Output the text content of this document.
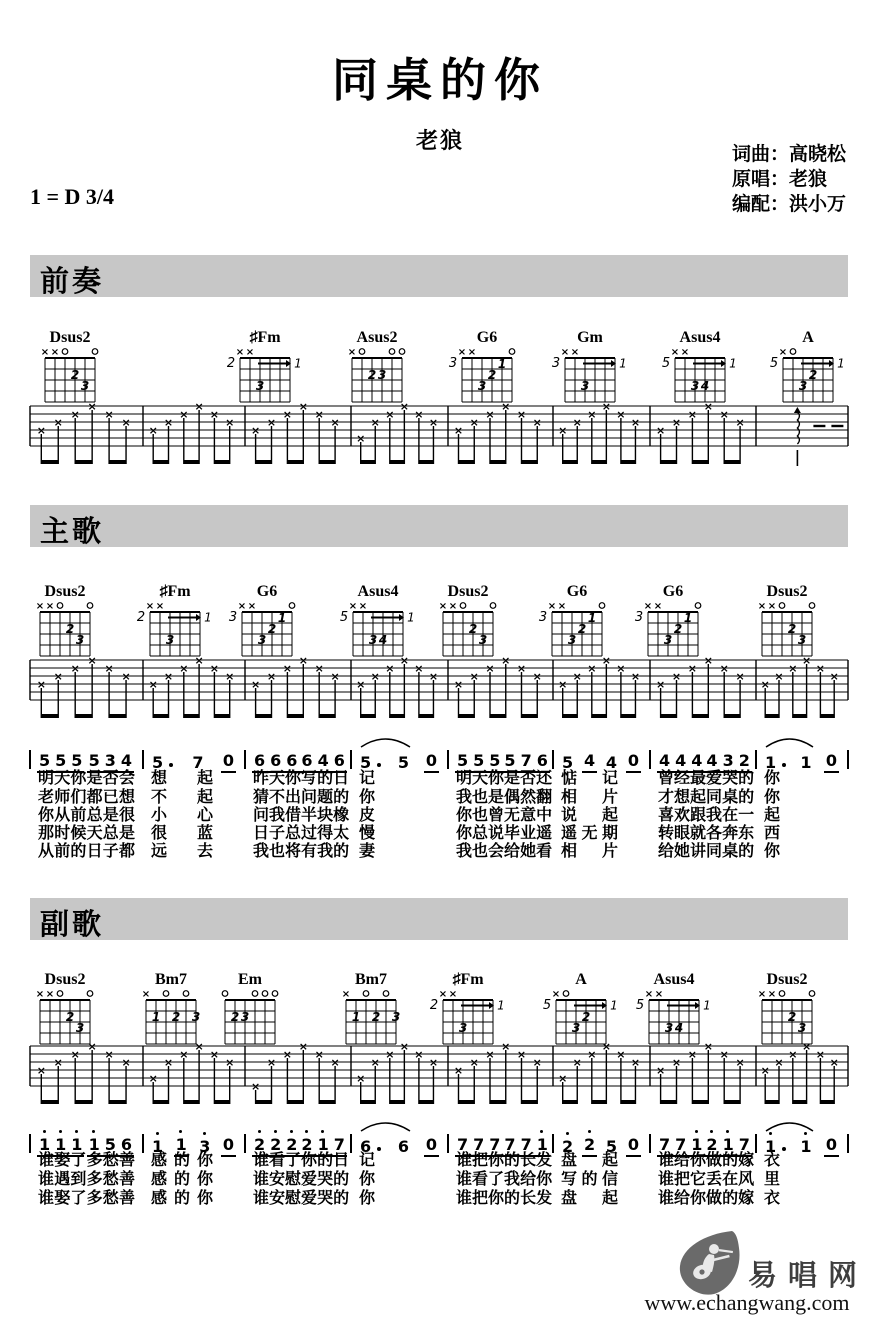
同桌的你
老狼
词曲：高晓松
原唱：老狼
编配：洪小万
1 = D 3/4
前奏
Dsus2
× ×
2
3
♯Fm
× ×
2	1
3
Asus2
×
2 3
G6
× ×
3	1
2
3
Gm
× ×
3	1
3
Asus4
× ×
5	1
3 4
A
×
5	1
2
3
×
×
×
×
×
×
×
×
×
×
×
×
×
×
×
×
×
×
×
×
×
×
×
×
×
×
×
×
×
×
×
×
×
×
×
×
×
×
×
×
×
×
主歌
Dsus2
× ×
2
3
♯Fm
× ×
2	1
3
G6
× ×
3	1
2
3
Asus4
× ×
5	1
3 4
Dsus2
× ×
2
3
G6
× ×
3	1
2
3
G6
× ×
3	1
2
3
Dsus2
× ×
2
3
×
×
×
×
×
×
×
×
×
×
×
×
×
×
×
×
×
×
×
×
×
×
×
×
×
×
×
×
×
×
×
×
×
×
×
×
×
×
×
×
×
×
×
×
×
×
×
×
5 5 5 5 3 4 5 7 0 6 6 6 6 4 6 5 5 0 5 5 5 5 7 6 5 4 4 0 4 4 4 4 3 2 1 1 0
明 天 你 是 否 会 想 起	昨 天 你 写 的 日 记	明 天 你 是 否 还 惦 记	曾 经 最 爱 哭 的 你
老 师 们 都 已 想 不 起	猜 不 出 问 题 的 你	我 也 是 偶 然 翻 相 片	才 想 起 同 桌 的 你
你 从 前 总 是 很 小 心	问 我 借 半 块 橡 皮	你 也 曾 无 意 中 说 起	喜 欢 跟 我 在 一 起
那 时 候 天 总 是 很 蓝	日 子 总 过 得 太 慢	你 总 说 毕 业 遥 遥 无 期	转 眼 就 各 奔 东 西
从 前 的 日 子 都 远 去	我 也 将 有 我 的 妻	我 也 会 给 她 看 相 片	给 她 讲 同 桌 的 你
副歌
Dsus2
× ×
2
3
Bm7
×
1 2 3
Em
2 3
Bm7
×
1 2 3
♯Fm
× ×
2	1
3
A
×
5	1
2
3
Asus4
× ×
5	1
3 4
Dsus2
× ×
2
3
×
×
×
×
×
×
×
×
×
×
×
×
×
×
×
×
×
×
×
×
×
×
×
×
×
×
×
×
×
×
×
×
×
×
×
×
×
×
×
×
×
×
×
×
×
×
×
×
1 1 1 1 5 6 1 1 3 0 2 2 2 2 1 7 6 6 0 7 7 7 7 7 1 2 2 5 0 7 7 1 2 1 7 1 1 0
谁 娶 了 多 愁 善 感 的 你	谁 看 了 你 的 日 记	谁 把 你 的 长 发 盘 起	谁 给 你 做 的 嫁 衣
谁 遇 到 多 愁 善 感 的 你	谁 安 慰 爱 哭 的 你	谁 看 了 我 给 你 写 的 信	谁 把 它 丢 在 风 里
谁 娶 了 多 愁 善 感 的 你	谁 安 慰 爱 哭 的 你	谁 把 你 的 长 发 盘 起	谁 给 你 做 的 嫁 衣
易唱网
www.echangwang.com
